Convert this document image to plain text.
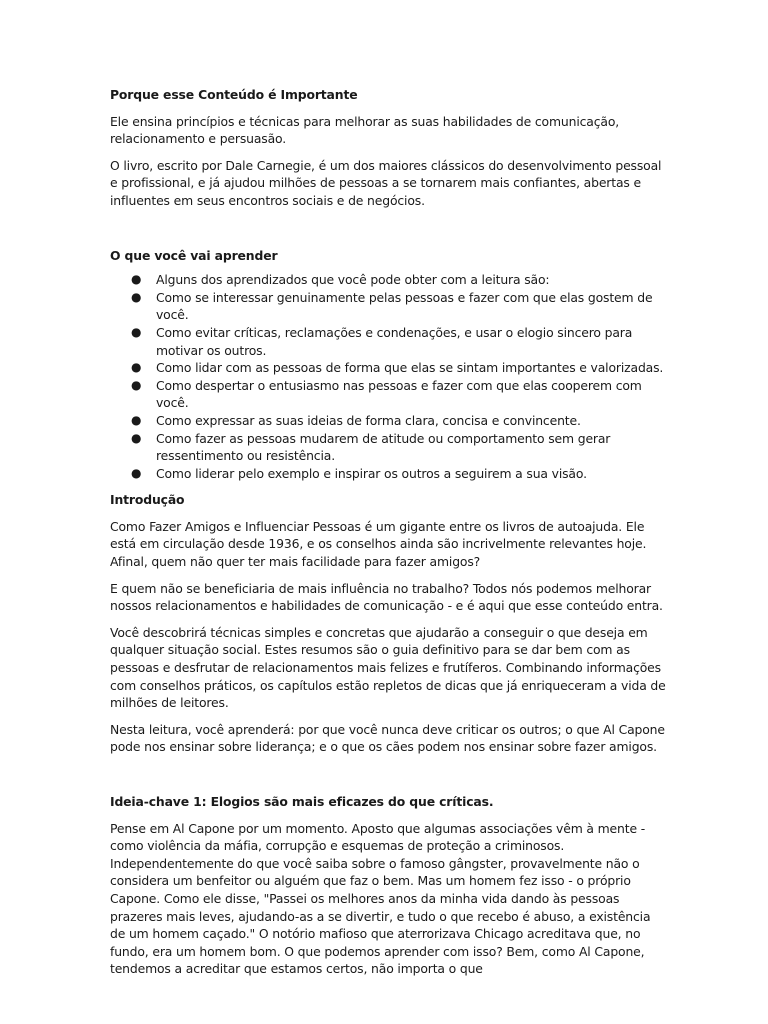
Porque esse Conteúdo é Importante

Ele ensina princípios e técnicas para melhorar as suas habilidades de comunicação, relacionamento e persuasão.

O livro, escrito por Dale Carnegie, é um dos maiores clássicos do desenvolvimento pessoal e profissional, e já ajudou milhões de pessoas a se tornarem mais confiantes, abertas e influentes em seus encontros sociais e de negócios.

O que você vai aprender

● Alguns dos aprendizados que você pode obter com a leitura são:
● Como se interessar genuinamente pelas pessoas e fazer com que elas gostem de você.
● Como evitar críticas, reclamações e condenações, e usar o elogio sincero para motivar os outros.
● Como lidar com as pessoas de forma que elas se sintam importantes e valorizadas.
● Como despertar o entusiasmo nas pessoas e fazer com que elas cooperem com você.
● Como expressar as suas ideias de forma clara, concisa e convincente.
● Como fazer as pessoas mudarem de atitude ou comportamento sem gerar ressentimento ou resistência.
● Como liderar pelo exemplo e inspirar os outros a seguirem a sua visão.

Introdução

Como Fazer Amigos e Influenciar Pessoas é um gigante entre os livros de autoajuda. Ele está em circulação desde 1936, e os conselhos ainda são incrivelmente relevantes hoje. Afinal, quem não quer ter mais facilidade para fazer amigos?

E quem não se beneficiaria de mais influência no trabalho? Todos nós podemos melhorar nossos relacionamentos e habilidades de comunicação - e é aqui que esse conteúdo entra.

Você descobrirá técnicas simples e concretas que ajudarão a conseguir o que deseja em qualquer situação social. Estes resumos são o guia definitivo para se dar bem com as pessoas e desfrutar de relacionamentos mais felizes e frutíferos. Combinando informações com conselhos práticos, os capítulos estão repletos de dicas que já enriqueceram a vida de milhões de leitores.

Nesta leitura, você aprenderá: por que você nunca deve criticar os outros; o que Al Capone pode nos ensinar sobre liderança; e o que os cães podem nos ensinar sobre fazer amigos.

Ideia-chave 1: Elogios são mais eficazes do que críticas.

Pense em Al Capone por um momento. Aposto que algumas associações vêm à mente - como violência da máfia, corrupção e esquemas de proteção a criminosos. Independentemente do que você saiba sobre o famoso gângster, provavelmente não o considera um benfeitor ou alguém que faz o bem. Mas um homem fez isso - o próprio Capone. Como ele disse, "Passei os melhores anos da minha vida dando às pessoas prazeres mais leves, ajudando-as a se divertir, e tudo o que recebo é abuso, a existência de um homem caçado." O notório mafioso que aterrorizava Chicago acreditava que, no fundo, era um homem bom. O que podemos aprender com isso? Bem, como Al Capone, tendemos a acreditar que estamos certos, não importa o que
